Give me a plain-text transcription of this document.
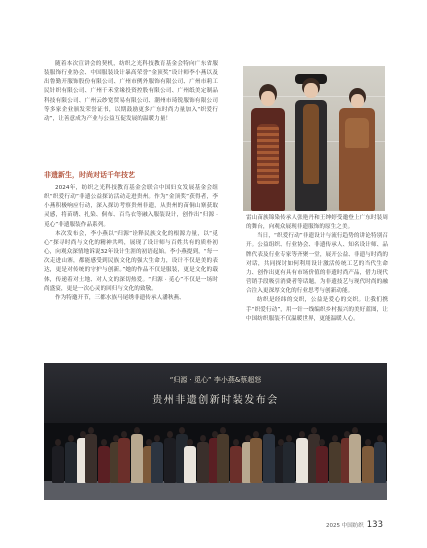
随着本次宣讲会的契机，纺织之光科技教育基金会特向广东省服装服饰行业协会、中国服装设计暴高荣誉“金顶奖”设计师李小燕以及出鲁勤开服饰股份有限公司、广州市例外服饰有限公司、广州市莉工民针织有限公司、广州千禾堂缘投资控股有限公司、广州纸美定制品科技有限公司、广州云纱宽贸易有限公司、潮州市琦锐服饰有限公司等多家企业颁发荣誉证书，以期鼓励更多广东时尚力量加入“织爱行动”，让善意成为产业与公益互促发展的温暖力量！

非遗新生，时尚对话千年技艺

2024年，纺织之光科技教育基金会联合中国妇女发展基金会组织“织爱行动”非遗公益探访活动走进贵州。作为“金顶奖”获得者，李小燕积极响应行动，深入探访考察贵州非遗，从贵州的苗侗山寨获取灵感，将苗绣、扎染、侗布、百鸟衣等融入服装设计，创作出“归源 · 觅心”非遗服装作品系列。

本次发布会，李小燕以“归源”诠释民族文化的根源力量，以“觅心”探寻时尚与文化的精神共鸣，展现了设计师与百姓共有的质朴初心，向观众深情地诉说32年设计生涯的初语起始。李小燕提到，“每一次走进山寨，都能感受到民族文化的强大生命力，设计不仅是美的表达，更是对传统的守护与创新。”她的作品不仅是服装，更是文化的载体，传递着对土地、对人文的深切热爱。“归源 · 觅心”不仅是一场时尚盛宴，更是一次心灵的回归与文化的致敬。

作为特邀开节，三都水族马尾绣非遗传承人潘秋燕、

雷山苗族锦染传承人张艳丹和王绅婷受邀登上广东时装周的舞台，向观众展现非遗服饰的原生之美。

当日，“织爱行动”非遗设计与流行趋势的讲论特别召开。公益组织、行业协会、非遗传承人、知名设计师、品牌代表及行业专家等齐聚一堂，展开公益、非遗与时尚的对话，共同探讨如何利用设计激活传统工艺的当代生命力、创作出更有具有市场价值的非遗时尚产品，借力现代营销手段吸引消费者等话题，为非遗技艺与现代时尚的融合注入更深厚文化的行业思考与创新动能。

纺织是经纬的交织，公益是爱心的交织。让我们携手“织爱行动”，用一针一线编织乡村振兴的美好蓝图，让中国纺织服装不仅温暖世界，更能温暖人心。

“归源 · 觅心” 李小燕&蔡超怒
贵州非遗创新时装发布会
2025 中国纺织 133
